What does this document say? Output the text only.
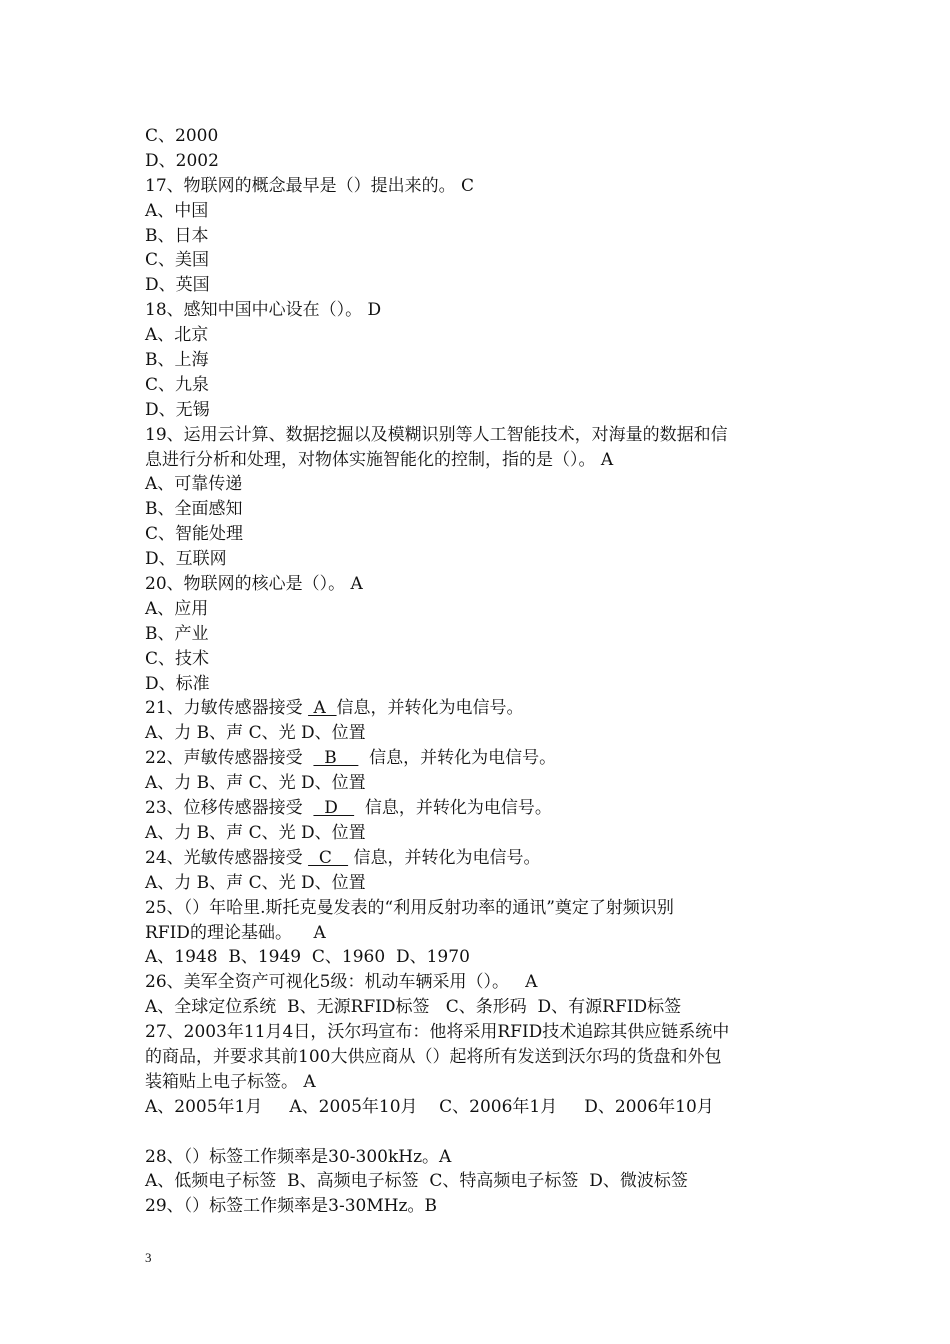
C、2000
D、2002
17、物联网的概念最早是（）提出来的。 C
A、中国
B、日本
C、美国
D、英国
18、感知中国中心设在（）。 D
A、北京
B、上海
C、九泉
D、无锡
19、运用云计算、数据挖掘以及模糊识别等人工智能技术，对海量的数据和信
息进行分析和处理，对物体实施智能化的控制，指的是（）。 A
A、可靠传递
B、全面感知
C、智能处理
D、互联网
20、物联网的核心是（）。 A
A、应用
B、产业
C、技术
D、标准
21、力敏传感器接受  A  信息，并转化为电信号。
A、力 B、声 C、光 D、位置
22、声敏传感器接受    B      信息，并转化为电信号。
A、力 B、声 C、光 D、位置
23、位移传感器接受    D     信息，并转化为电信号。
A、力 B、声 C、光 D、位置
24、光敏传感器接受   C    信息，并转化为电信号。
A、力 B、声 C、光 D、位置
25、（）年哈里.斯托克曼发表的“利用反射功率的通讯”奠定了射频识别
RFID的理论基础。    A
A、1948  B、1949  C、1960  D、1970
26、美军全资产可视化5级：机动车辆采用（）。   A
A、全球定位系统  B、无源RFID标签   C、条形码  D、有源RFID标签
27、2003年11月4日，沃尔玛宣布：他将采用RFID技术追踪其供应链系统中
的商品，并要求其前100大供应商从（）起将所有发送到沃尔玛的货盘和外包
装箱贴上电子标签。 A
A、2005年1月     A、2005年10月    C、2006年1月     D、2006年10月
28、（）标签工作频率是30-300kHz。A
A、低频电子标签  B、高频电子标签  C、特高频电子标签  D、微波标签
29、（）标签工作频率是3-30MHz。B
3
